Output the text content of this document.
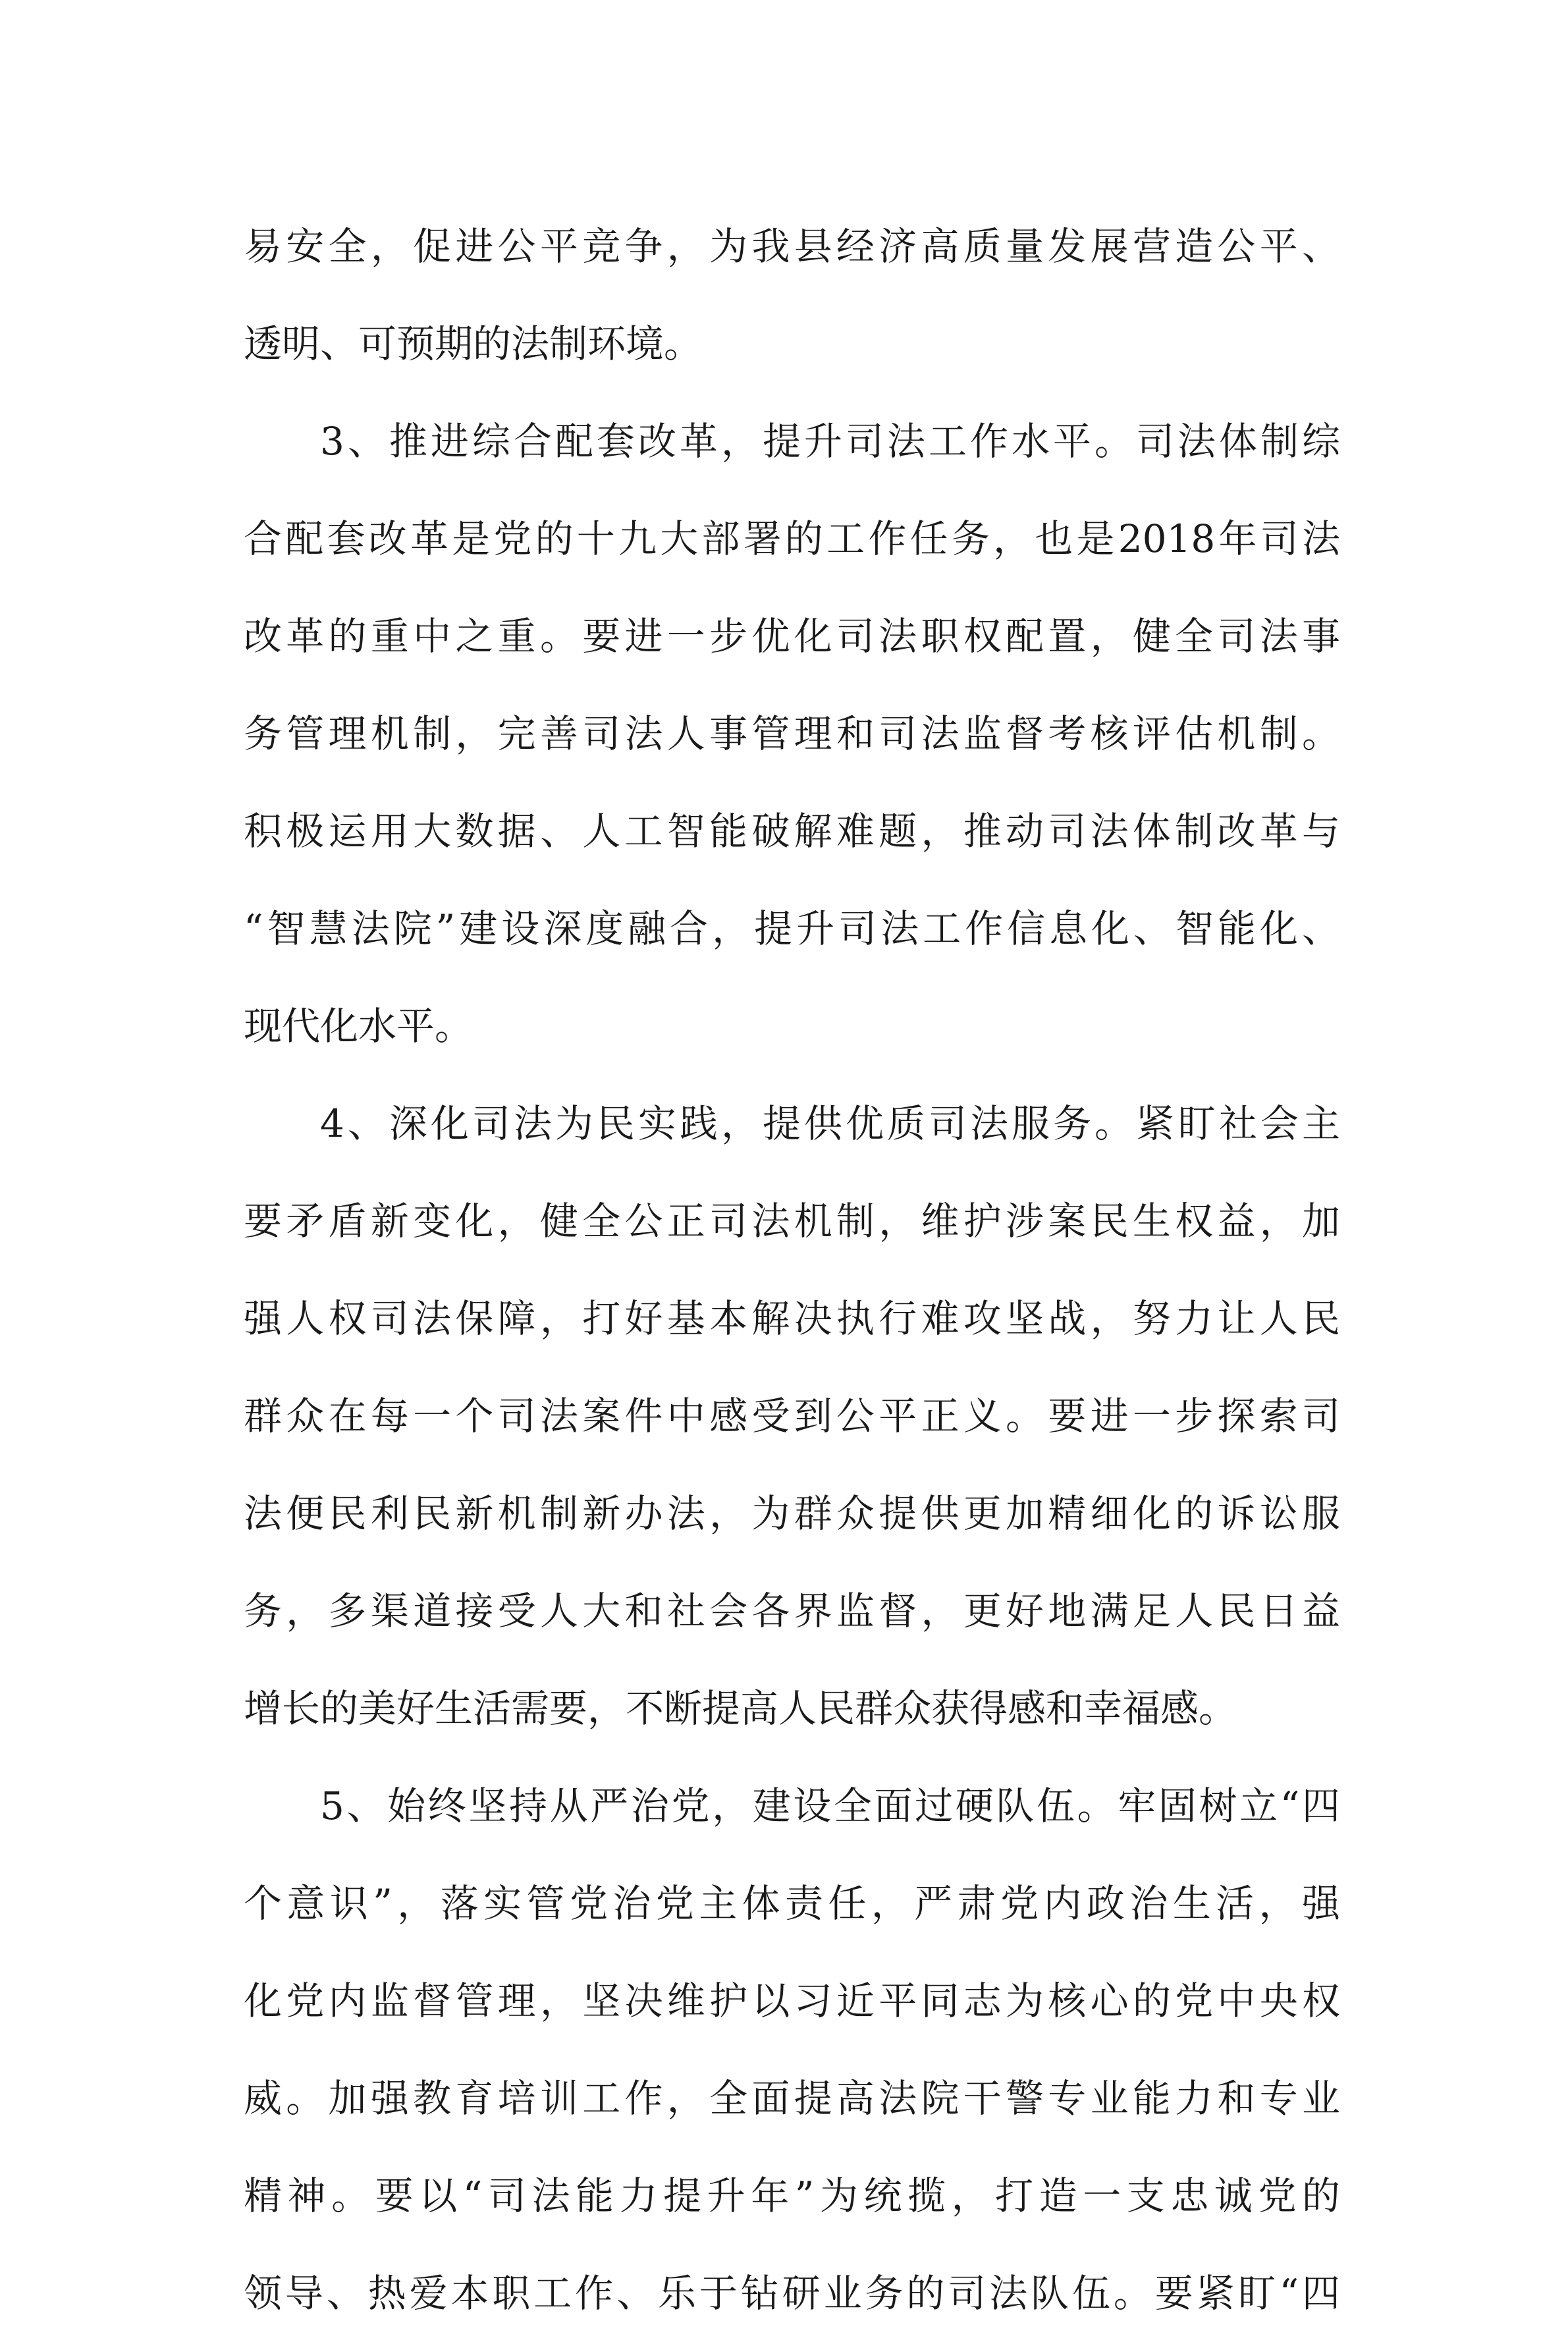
易安全，促进公平竞争，为我县经济高质量发展营造公平、
透明、可预期的法制环境。
3、推进综合配套改革，提升司法工作水平。司法体制综
合配套改革是党的十九大部署的工作任务，也是2018年司法
改革的重中之重。要进一步优化司法职权配置，健全司法事
务管理机制，完善司法人事管理和司法监督考核评估机制。
积极运用大数据、人工智能破解难题，推动司法体制改革与
“智慧法院”建设深度融合，提升司法工作信息化、智能化、
现代化水平。
4、深化司法为民实践，提供优质司法服务。紧盯社会主
要矛盾新变化，健全公正司法机制，维护涉案民生权益，加
强人权司法保障，打好基本解决执行难攻坚战，努力让人民
群众在每一个司法案件中感受到公平正义。要进一步探索司
法便民利民新机制新办法，为群众提供更加精细化的诉讼服
务，多渠道接受人大和社会各界监督，更好地满足人民日益
增长的美好生活需要，不断提高人民群众获得感和幸福感。
5、始终坚持从严治党，建设全面过硬队伍。牢固树立“四
个意识”，落实管党治党主体责任，严肃党内政治生活，强
化党内监督管理，坚决维护以习近平同志为核心的党中央权
威。加强教育培训工作，全面提高法院干警专业能力和专业
精神。要以“司法能力提升年”为统揽，打造一支忠诚党的
领导、热爱本职工作、乐于钻研业务的司法队伍。要紧盯“四
